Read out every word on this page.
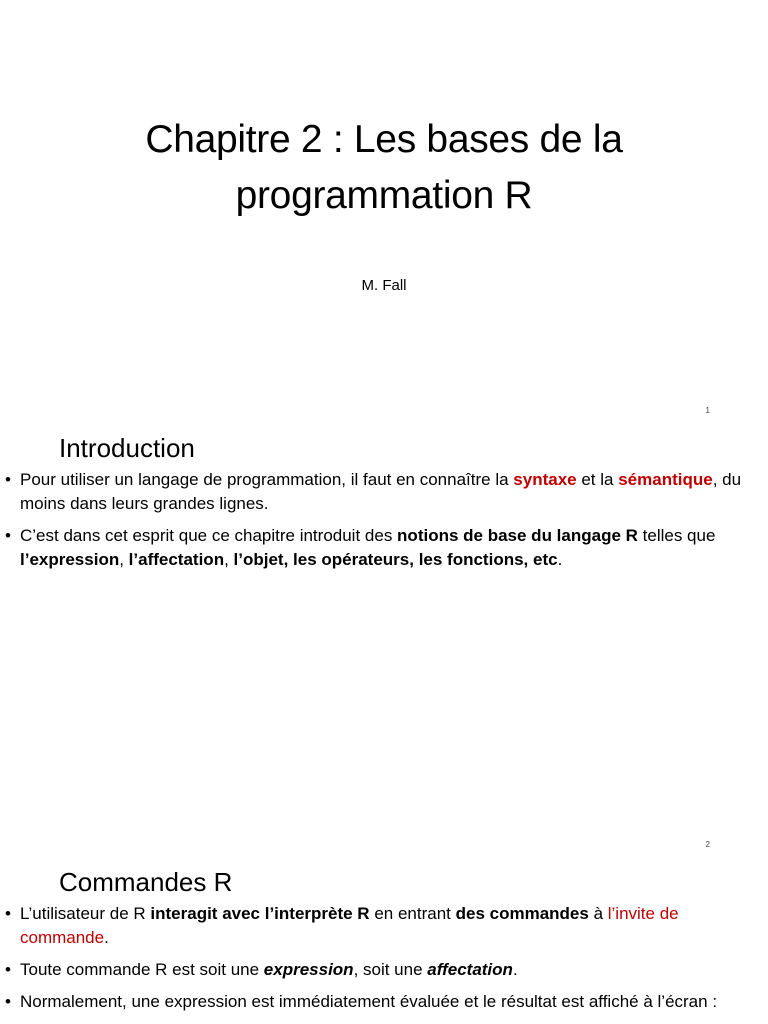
Chapitre 2 : Les bases de la
programmation R
M. Fall
1
Introduction
• Pour utiliser un langage de programmation, il faut en connaître la syntaxe et la sémantique, du moins dans leurs grandes lignes.
• C’est dans cet esprit que ce chapitre introduit des notions de base du langage R telles que l’expression, l’affectation, l’objet, les opérateurs, les fonctions, etc.
2
Commandes R
• L’utilisateur de R interagit avec l’interprète R en entrant des commandes à l’invite de commande.
• Toute commande R est soit une expression, soit une affectation.
• Normalement, une expression est immédiatement évaluée et le résultat est affiché à l’écran :
